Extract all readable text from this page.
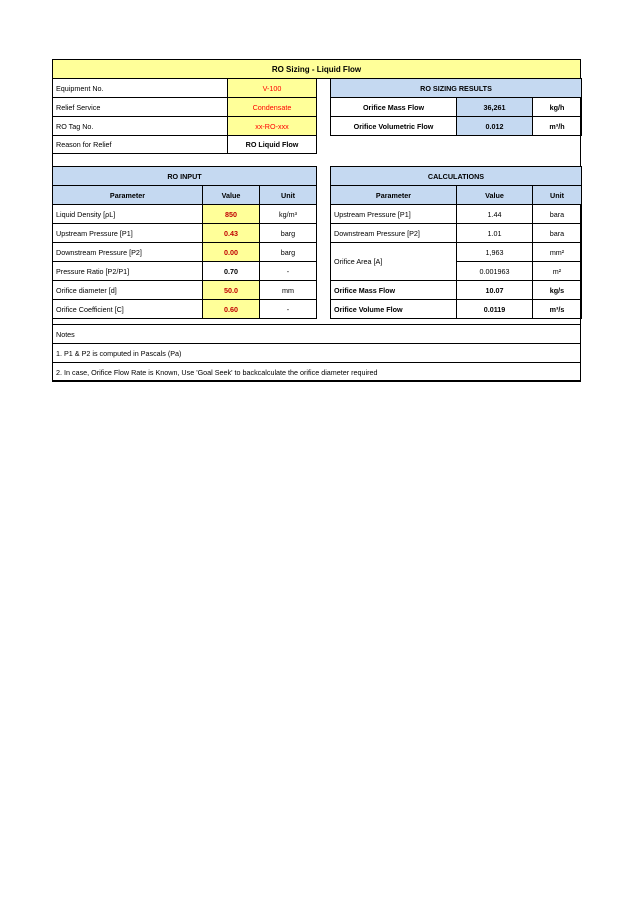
RO Sizing - Liquid Flow
Equipment No.	V-100
Relief Service	Condensate
RO Tag No.	xx-RO-xxx
Reason for Relief	RO Liquid Flow
RO SIZING RESULTS
Orifice Mass Flow	36,261	kg/h
Orifice Volumetric Flow	0.012	m³/h
RO INPUT
Parameter	Value	Unit
Liquid Density [ρL]	850	kg/m³
Upstream Pressure [P1]	0.43	barg
Downstream Pressure [P2]	0.00	barg
Pressure Ratio [P2/P1]	0.70	-
Orifice diameter [d]	50.0	mm
Orifice Coefficient [C]	0.60	-
CALCULATIONS
Parameter	Value	Unit
Upstream Pressure [P1]	1.44	bara
Downstream Pressure [P2]	1.01	bara
Orifice Area [A]
1,963	mm²
0.001963	m²
Orifice Mass Flow	10.07	kg/s
Orifice Volume Flow	0.0119	m³/s
Notes
1. P1 & P2 is computed in Pascals (Pa)
2. In case, Orifice Flow Rate is Known, Use 'Goal Seek' to backcalculate the orifice diameter required
